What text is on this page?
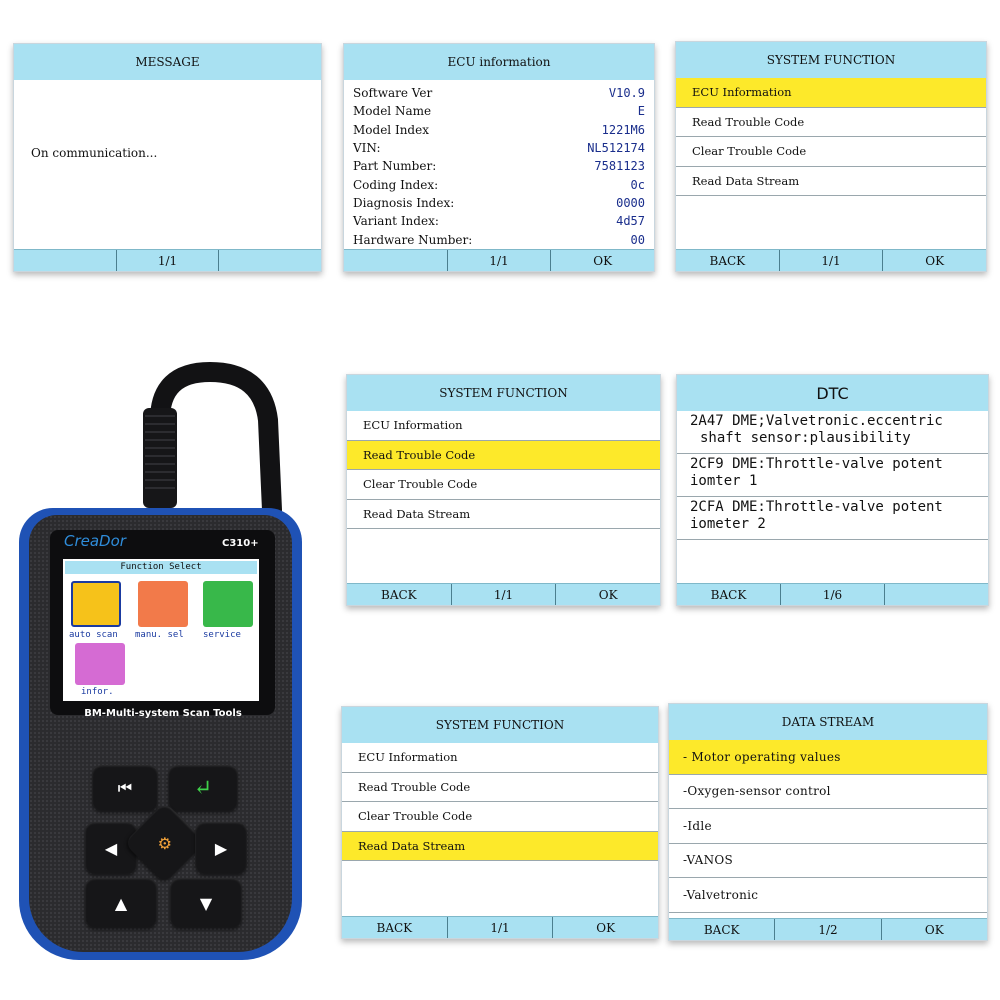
MESSAGE
On communication...
1/1
ECU information
Software Ver	V10.9
Model Name	E
Model Index	1221M6
VIN:	NL512174
Part Number:	7581123
Coding Index:	0c
Diagnosis Index:	0000
Variant Index:	4d57
Hardware Number:	00
1/1	OK
SYSTEM FUNCTION
ECU Information
Read Trouble Code
Clear Trouble Code
Read Data Stream
BACK	1/1	OK
SYSTEM FUNCTION
ECU Information
Read Trouble Code
Clear Trouble Code
Read Data Stream
BACK	1/1	OK
DTC
2A47 DME;Valvetronic.eccentric
shaft sensor:plausibility
2CF9 DME:Throttle-valve potent
iomter 1
2CFA DME:Throttle-valve potent
iometer 2
BACK	1/6
SYSTEM FUNCTION
ECU Information
Read Trouble Code
Clear Trouble Code
Read Data Stream
BACK	1/1	OK
DATA STREAM
- Motor operating values
-Oxygen-sensor control
-Idle
-VANOS
-Valvetronic
BACK	1/2	OK
CreaDor	C310+
Function Select
auto scan manu. sel service
infor.
BM-Multi-system Scan Tools
⏮	↵
◀	⚙	▶
▲	▼
